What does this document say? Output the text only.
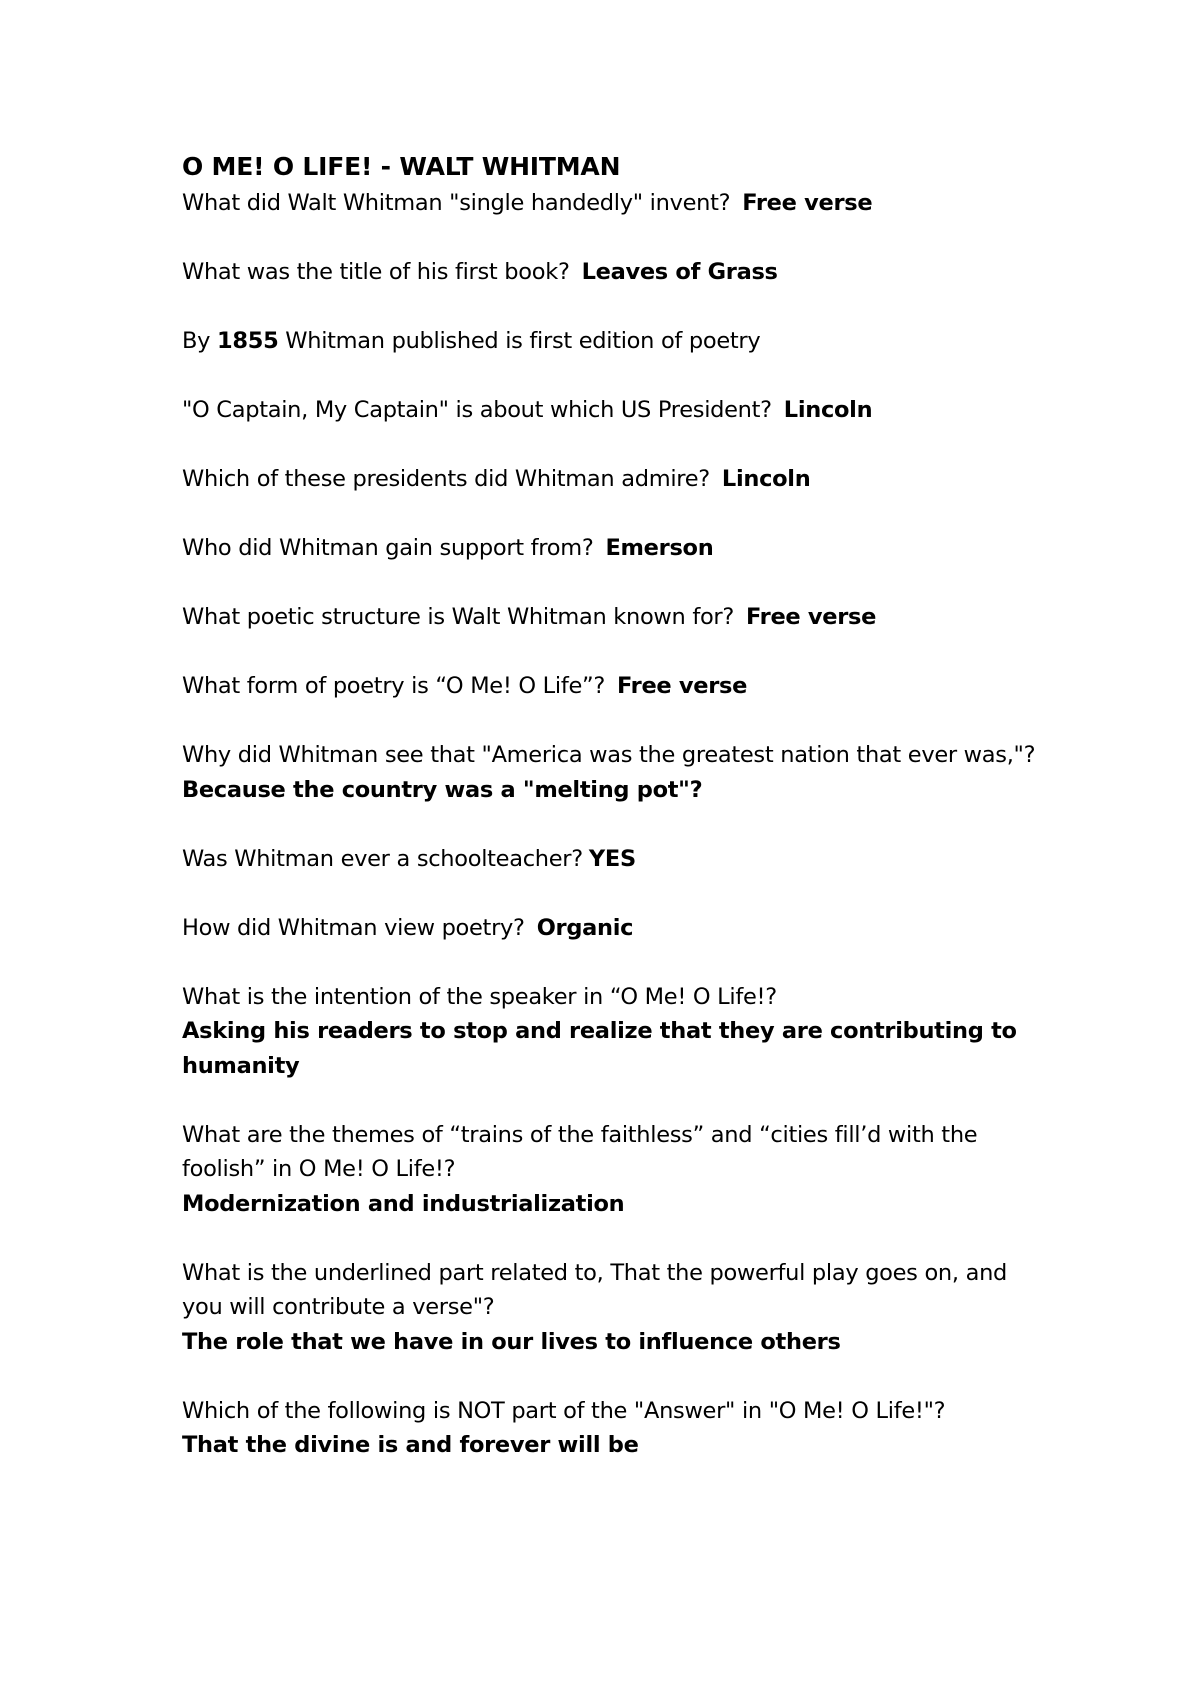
O ME! O LIFE! - WALT WHITMAN

What did Walt Whitman "single handedly" invent? Free verse

What was the title of his first book? Leaves of Grass

By 1855 Whitman published is first edition of poetry

"O Captain, My Captain" is about which US President? Lincoln

Which of these presidents did Whitman admire? Lincoln

Who did Whitman gain support from? Emerson

What poetic structure is Walt Whitman known for? Free verse

What form of poetry is “O Me! O Life”? Free verse

Why did Whitman see that "America was the greatest nation that ever was,"?
Because the country was a "melting pot"?

Was Whitman ever a schoolteacher? YES

How did Whitman view poetry? Organic

What is the intention of the speaker in “O Me! O Life!?
Asking his readers to stop and realize that they are contributing to humanity

What are the themes of “trains of the faithless” and “cities fill’d with the foolish” in O Me! O Life!?
Modernization and industrialization

What is the underlined part related to, That the powerful play goes on, and you will contribute a verse"?
The role that we have in our lives to influence others

Which of the following is NOT part of the "Answer" in "O Me! O Life!"?
That the divine is and forever will be
